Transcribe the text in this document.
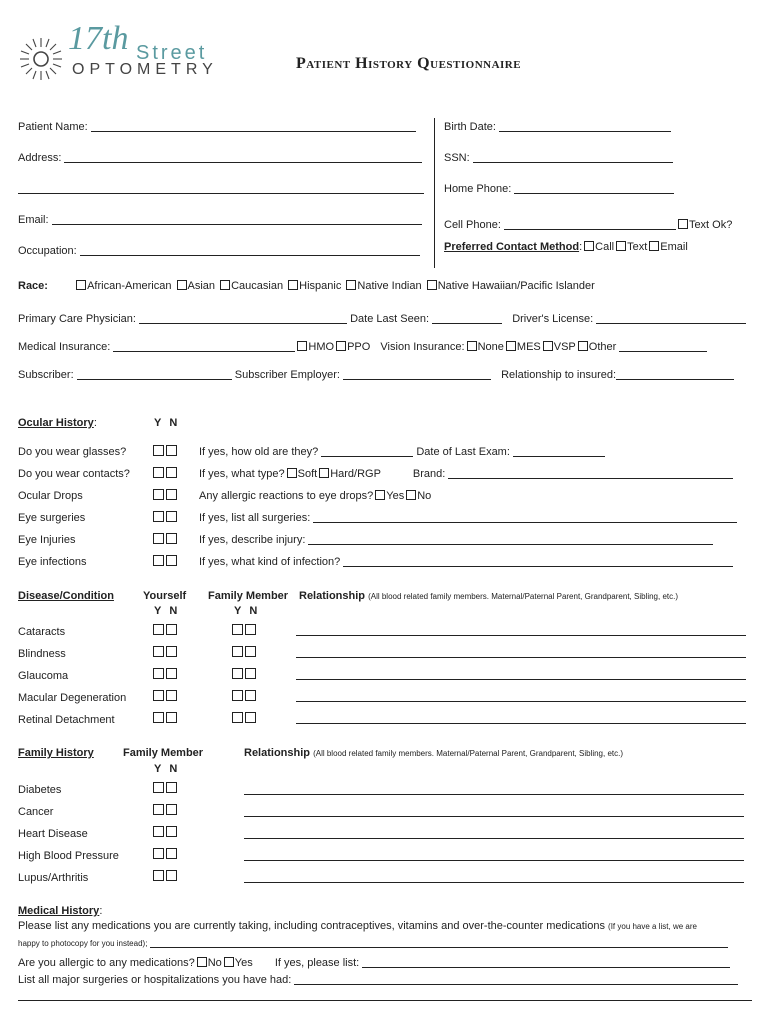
17th Street
OPTOMETRY	Patient History Questionnaire
Patient Name:	Birth Date:
Address:	SSN:
Home Phone:
Email:	Cell Phone:	Text Ok?
Preferred Contact Method: Call Text Email
Occupation:
Race:	African-American Asian Caucasian Hispanic Native Indian Native Hawaiian/Pacific Islander
Primary Care Physician:	Date Last Seen:	Driver's License:
Medical Insurance:	HMO PPO Vision Insurance: None MES VSP Other
Subscriber:	Subscriber Employer:	Relationship to insured:
Ocular History:	Y N
Do you wear glasses?	If yes, how old are they?	Date of Last Exam:
Do you wear contacts?	If yes, what type? Soft Hard/RGP	Brand:
Ocular Drops	Any allergic reactions to eye drops? Yes No
Eye surgeries	If yes, list all surgeries:
Eye Injuries	If yes, describe injury:
Eye infections	If yes, what kind of infection?
Disease/Condition	Yourself Family Member Relationship (All blood related family members. Maternal/Paternal Parent, Grandparent, Sibling, etc.)
Y N	Y N
Cataracts
Blindness
Glaucoma
Macular Degeneration
Retinal Detachment
Family History	Family Member	Relationship (All blood related family members. Maternal/Paternal Parent, Grandparent, Sibling, etc.)
Y N
Diabetes
Cancer
Heart Disease
High Blood Pressure
Lupus/Arthritis
Medical History:
Please list any medications you are currently taking, including contraceptives, vitamins and over-the-counter medications (If you have a list, we are
happy to photocopy for you instead);
Are you allergic to any medications? No Yes If yes, please list:
List all major surgeries or hospitalizations you have had:
